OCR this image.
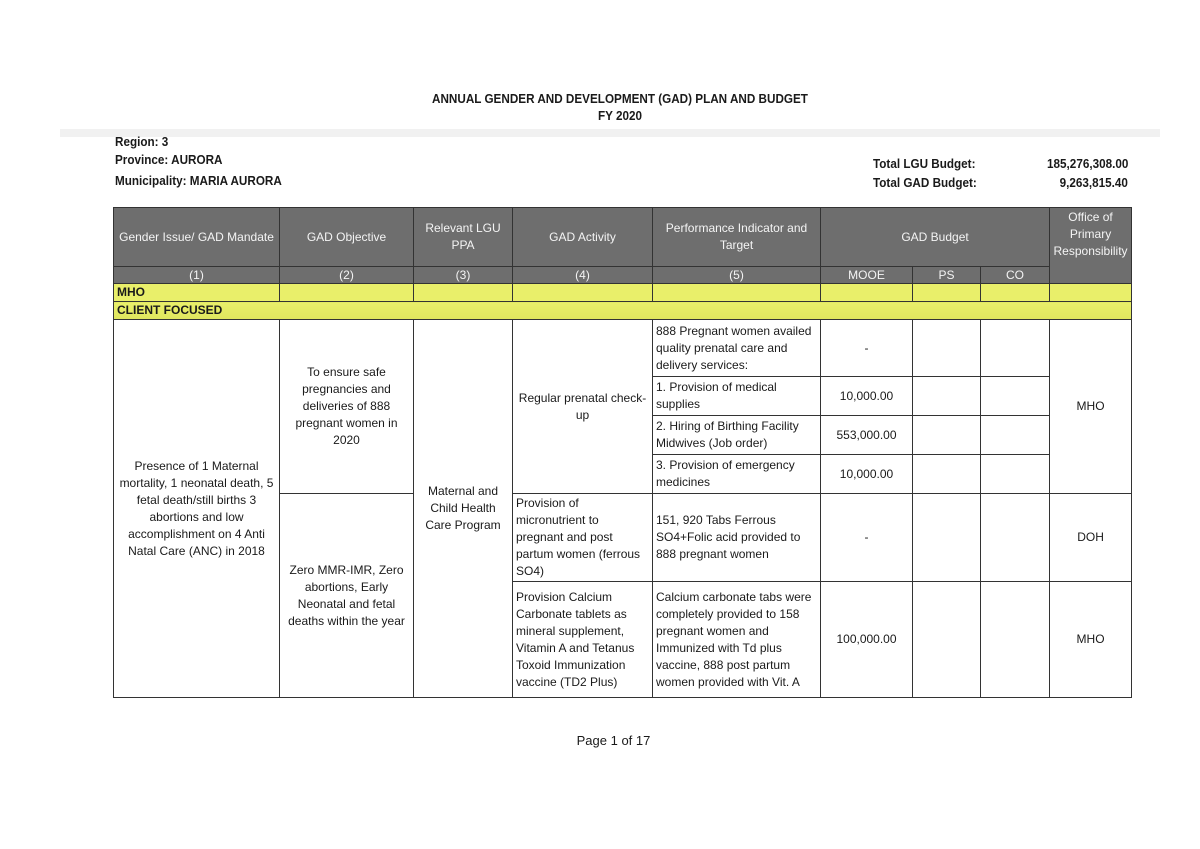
ANNUAL GENDER AND DEVELOPMENT (GAD) PLAN AND BUDGET
FY 2020
Region: 3
Province: AURORA
Municipality: MARIA AURORA
Total LGU Budget:
Total GAD Budget:
185,276,308.00
9,263,815.40
Gender Issue/ GAD Mandate	GAD Objective	Relevant LGU PPA	GAD Activity	Performance Indicator and Target	GAD Budget			Office of Primary Responsibility
(1)	(2)	(3)	(4)	(5)	MOOE	PS	CO	
MHO								
CLIENT FOCUSED								
Presence of 1 Maternal mortality, 1 neonatal death, 5 fetal death/still births 3 abortions and low accomplishment on 4 Anti Natal Care (ANC) in 2018	To ensure safe pregnancies and deliveries of 888 pregnant women in 2020	Maternal and Child Health Care Program	Regular prenatal check-up	888 Pregnant women availed quality prenatal care and delivery services:	-			MHO
				1. Provision of medical supplies	10,000.00			
				2. Hiring of Birthing Facility Midwives (Job order)	553,000.00			
				3. Provision of emergency medicines	10,000.00			
	Zero MMR-IMR, Zero abortions, Early Neonatal and fetal deaths within the year		Provision of micronutrient to pregnant and post partum women (ferrous SO4)	151, 920 Tabs Ferrous SO4+Folic acid provided to 888 pregnant women	-			DOH
			Provision Calcium Carbonate tablets as mineral supplement, Vitamin A and Tetanus Toxoid Immunization vaccine (TD2 Plus)	Calcium carbonate tabs were completely provided to 158 pregnant women and Immunized with Td plus vaccine, 888 post partum women provided with Vit. A	100,000.00			MHO
Page 1 of 17
